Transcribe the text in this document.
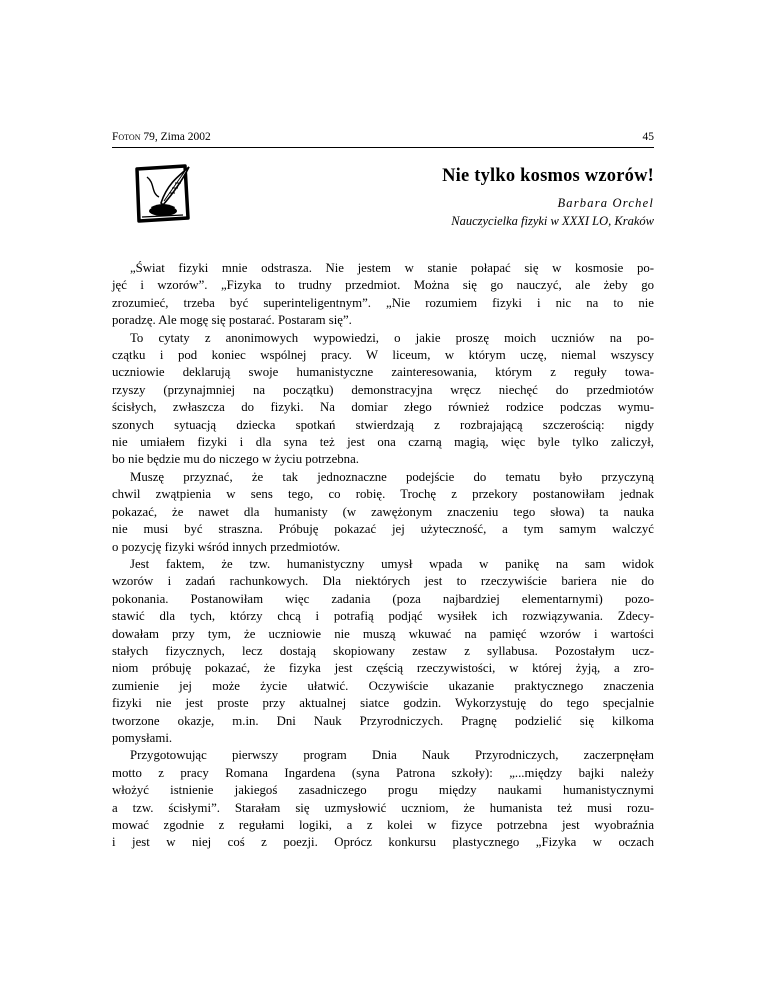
Foton 79, Zima 2002	45
Nie tylko kosmos wzorów!
Barbara Orchel
Nauczycielka fizyki w XXXI LO, Kraków

„Świat fizyki mnie odstrasza. Nie jestem w stanie połapać się w kosmosie po-
jęć i wzorów”. „Fizyka to trudny przedmiot. Można się go nauczyć, ale żeby go
zrozumieć, trzeba być superinteligentnym”. „Nie rozumiem fizyki i nic na to nie
poradzę. Ale mogę się postarać. Postaram się”.

To cytaty z anonimowych wypowiedzi, o jakie proszę moich uczniów na po-
czątku i pod koniec wspólnej pracy. W liceum, w którym uczę, niemal wszyscy
uczniowie deklarują swoje humanistyczne zainteresowania, którym z reguły towa-
rzyszy (przynajmniej na początku) demonstracyjna wręcz niechęć do przedmiotów
ścisłych, zwłaszcza do fizyki. Na domiar złego również rodzice podczas wymu-
szonych sytuacją dziecka spotkań stwierdzają z rozbrajającą szczerością: nigdy
nie umiałem fizyki i dla syna też jest ona czarną magią, więc byle tylko zaliczył,
bo nie będzie mu do niczego w życiu potrzebna.

Muszę przyznać, że tak jednoznaczne podejście do tematu było przyczyną
chwil zwątpienia w sens tego, co robię. Trochę z przekory postanowiłam jednak
pokazać, że nawet dla humanisty (w zawężonym znaczeniu tego słowa) ta nauka
nie musi być straszna. Próbuję pokazać jej użyteczność, a tym samym walczyć
o pozycję fizyki wśród innych przedmiotów.

Jest faktem, że tzw. humanistyczny umysł wpada w panikę na sam widok
wzorów i zadań rachunkowych. Dla niektórych jest to rzeczywiście bariera nie do
pokonania. Postanowiłam więc zadania (poza najbardziej elementarnymi) pozo-
stawić dla tych, którzy chcą i potrafią podjąć wysiłek ich rozwiązywania. Zdecy-
dowałam przy tym, że uczniowie nie muszą wkuwać na pamięć wzorów i wartości
stałych fizycznych, lecz dostają skopiowany zestaw z syllabusa. Pozostałym ucz-
niom próbuję pokazać, że fizyka jest częścią rzeczywistości, w której żyją, a zro-
zumienie jej może życie ułatwić. Oczywiście ukazanie praktycznego znaczenia
fizyki nie jest proste przy aktualnej siatce godzin. Wykorzystuję do tego specjalnie
tworzone okazje, m.in. Dni Nauk Przyrodniczych. Pragnę podzielić się kilkoma
pomysłami.

Przygotowując pierwszy program Dnia Nauk Przyrodniczych, zaczerpnęłam
motto z pracy Romana Ingardena (syna Patrona szkoły): „...między bajki należy
włożyć istnienie jakiegoś zasadniczego progu między naukami humanistycznymi
a tzw. ścisłymi”. Starałam się uzmysłowić uczniom, że humanista też musi rozu-
mować zgodnie z regułami logiki, a z kolei w fizyce potrzebna jest wyobraźnia
i jest w niej coś z poezji. Oprócz konkursu plastycznego „Fizyka w oczach
